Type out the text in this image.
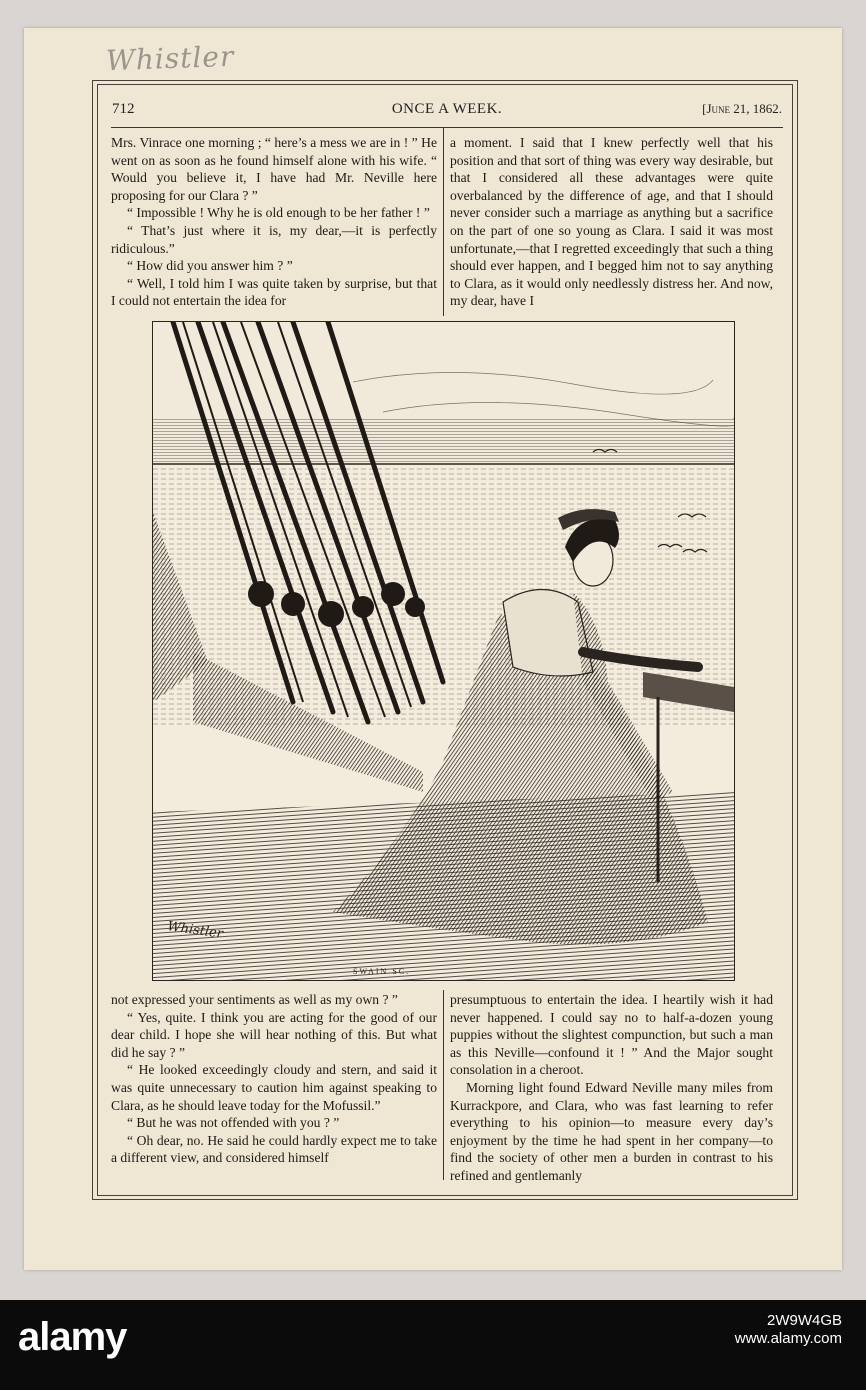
Whistler
ONCE A WEEK.
712	[June 21, 1862.

Mrs. Vinrace one morning ; “ here’s a mess we are in ! ” He went on as soon as he found himself alone with his wife. “ Would you believe it, I have had Mr. Neville here proposing for our Clara ? ”

“ Impossible ! Why he is old enough to be her father ! ”

“ That’s just where it is, my dear,—it is perfectly ridiculous.”

“ How did you answer him ? ”

“ Well, I told him I was quite taken by surprise, but that I could not entertain the idea for

a moment. I said that I knew perfectly well that his position and that sort of thing was every way desirable, but that I considered all these advantages were quite overbalanced by the difference of age, and that I should never consider such a marriage as anything but a sacrifice on the part of one so young as Clara. I said it was most unfortunate,—that I regretted exceedingly that such a thing should ever happen, and I begged him not to say anything to Clara, as it would only needlessly distress her. And now, my dear, have I

Whistler
SWAIN SC.

not expressed your sentiments as well as my own ? ”

“ Yes, quite. I think you are acting for the good of our dear child. I hope she will hear nothing of this. But what did he say ? ”

“ He looked exceedingly cloudy and stern, and said it was quite unnecessary to caution him against speaking to Clara, as he should leave today for the Mofussil.”

“ But he was not offended with you ? ”

“ Oh dear, no. He said he could hardly expect me to take a different view, and considered himself

presumptuous to entertain the idea. I heartily wish it had never happened. I could say no to half-a-dozen young puppies without the slightest compunction, but such a man as this Neville—confound it ! ” And the Major sought consolation in a cheroot.

Morning light found Edward Neville many miles from Kurrackpore, and Clara, who was fast learning to refer everything to his opinion—to measure every day’s enjoyment by the time he had spent in her company—to find the society of other men a burden in contrast to his refined and gentlemanly

alamy	2W9W4GB
www.alamy.com
